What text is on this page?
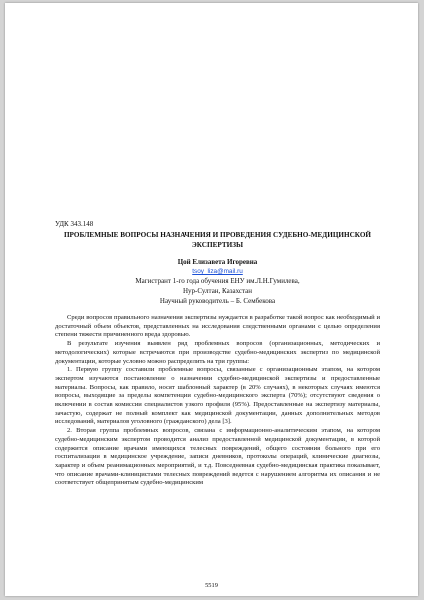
УДК 343.148
ПРОБЛЕМНЫЕ ВОПРОСЫ НАЗНАЧЕНИЯ И ПРОВЕДЕНИЯ СУДЕБНО-МЕДИЦИНСКОЙ ЭКСПЕРТИЗЫ
Цой Елизавета Игоревна
tsoy_liza@mail.ru
Магистрант 1-го года обучения ЕНУ им.Л.Н.Гумилева,
Нур-Султан, Казахстан
Научный руководитель – Б. Сембекова

Среди вопросов правильного назначения экспертизы нуждается в разработке такой вопрос как необходимый и достаточный объем объектов, представленных на исследования следственными органами с целью определения степени тяжести причиненного вреда здоровью.

В результате изучения выявлен ряд проблемных вопросов (организационных, методических и методологических) которые встречаются при производстве судебно-медицинских экспертиз по медицинской документации, которые условно можно распределить на три группы:

1. Первую группу составили проблемные вопросы, связанные с организационным этапом, на котором экспертом изучаются постановление о назначении судебно-медицинской экспертизы и предоставленные материалы. Вопросы, как правило, носят шаблонный характер (в 20% случаях), в некоторых случаях имеются вопросы, выходящие за пределы компетенции судебно-медицинского эксперта (70%); отсутствуют сведения о включении в состав комиссии специалистов узкого профиля (95%). Предоставленные на экспертизу материалы, зачастую, содержат не полный комплект как медицинской документации, данных дополнительных методов исследований, материалов уголовного (гражданского) дела [3].

2. Вторая группа проблемных вопросов, связана с информационно-аналитическим этапом, на котором судебно-медицинским экспертом проводится анализ предоставленной медицинской документации, в которой содержится описание врачами имеющихся телесных повреждений, общего состояния больного при его госпитализации в медицинское учреждение, записи дневников, протоколы операций, клинические диагнозы, характер и объем реанимационных мероприятий, и т.д. Повседневная судебно-медицинская практика показывает, что описание врачами-клиницистами телесных повреждений ведется с нарушением алгоритма их описания и не соответствует общепринятым судебно-медицинским

5519
